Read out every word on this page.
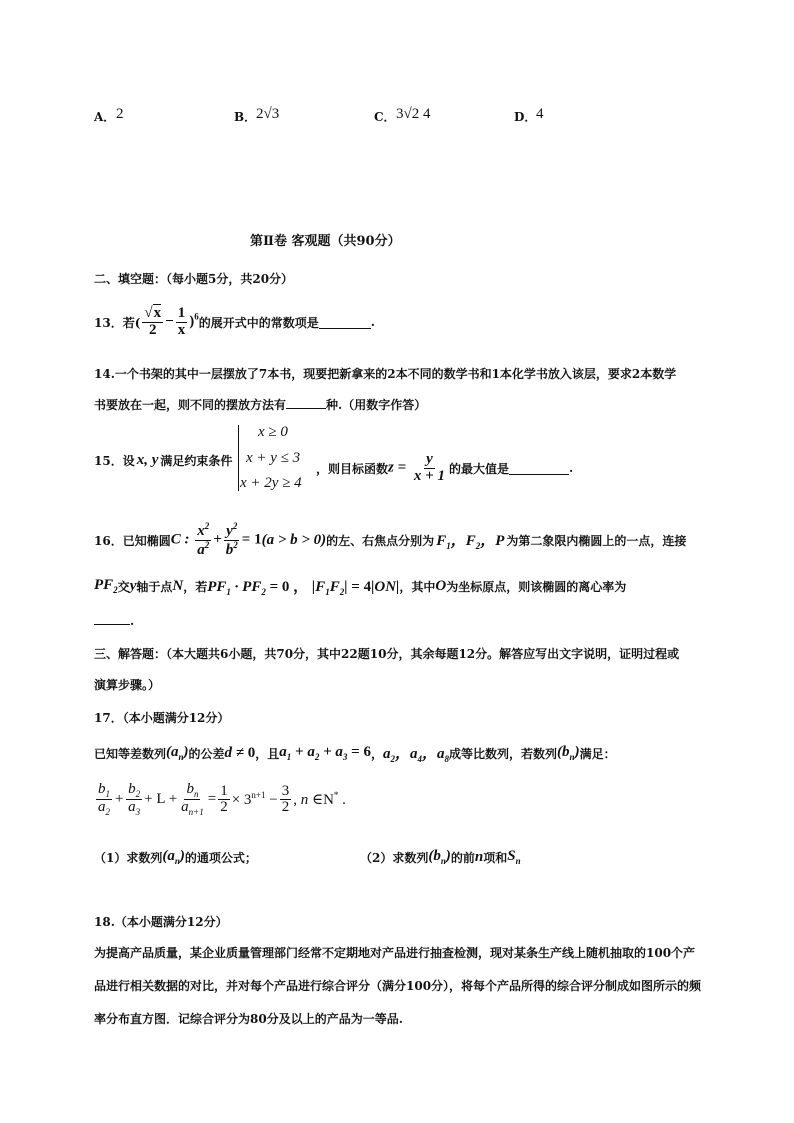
A． 2	B． 2√3	C． 3√2 4	D． 4
第Ⅱ卷 客观题（共90分）
二、填空题：（每小题5分，共20分）
13．若( $\frac{√x}{2} - \frac{1}{x} )^6$ 的展开式中的常数项是	.
14.一个书架的其中一层摆放了7本书，现要把新拿来的2本不同的数学书和1本化学书放入该层，要求2本数学
书要放在一起，则不同的摆放方法有	种.（用数字作答）
15．设 x, y 满足约束条件
x ≥ 0
x + y ≤ 3
x + 2y ≥ 4
，则目标函数 $z = \frac{y}{x + 1}$ 的最大值是	.
16．已知椭圆 C : $\frac{x^2}{a^2} + \frac{y^2}{b^2} = 1$ (a > b > 0) 的左、右焦点分别为 $F_1$，$F_2$，P 为第二象限内椭圆上的一点，连接
$PF_2$ 交 y 轴于点 N ，若 $PF_1 \cdot PF_2 = 0$ ， $|F_1F_2| = 4|ON|$ ，其中 O 为坐标原点，则该椭圆的离心率为
.
三、解答题：（本大题共6小题，共70分，其中22题10分，其余每题12分。解答应写出文字说明，证明过程或
演算步骤。）
17．（本小题满分12分）
已知等差数列 $(a_n)$ 的公差 d ≠ 0 ，且 $a_1 + a_2 + a_3 = 6$ ， $a_2$，$a_4$，$a_8$ 成等比数列，若数列 $(b_n)$ 满足：
$\frac{b_1}{a_2} + \frac{b_2}{a_3} + L + \frac{b_n}{a_{n+1}} = \frac{1}{2} \times 3^{n+1} - \frac{3}{2}$ , n ∈ N* .
（1）求数列 $(a_n)$ 的通项公式；	（2）求数列 $(b_n)$ 的前 n 项和 $S_n$
18.（本小题满分12分）
为提高产品质量，某企业质量管理部门经常不定期地对产品进行抽查检测，现对某条生产线上随机抽取的100个产
品进行相关数据的对比，并对每个产品进行综合评分（满分100分），将每个产品所得的综合评分制成如图所示的频
率分布直方图．记综合评分为80分及以上的产品为一等品.
